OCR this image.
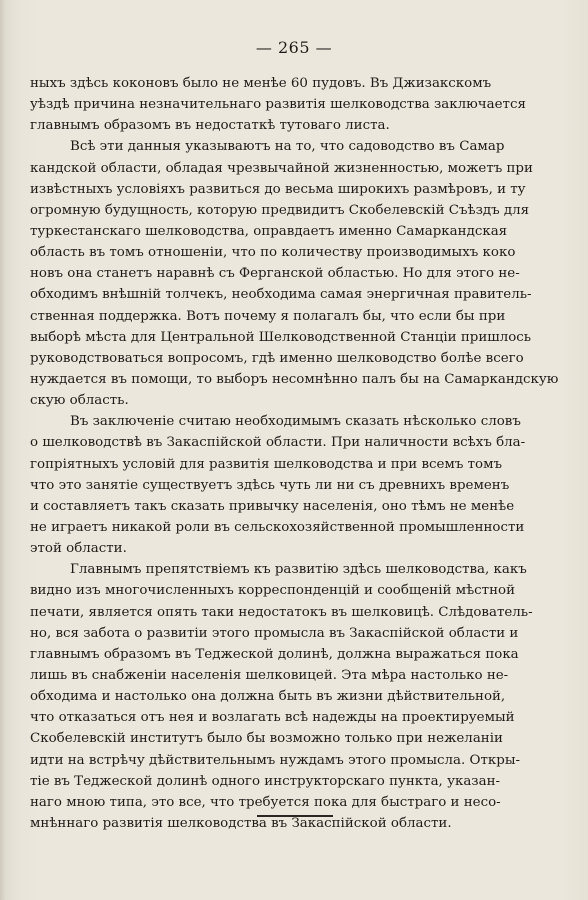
— 265 —
ныхъ здѣсь коконовъ было не менѣе 60 пудовъ. Въ Джизакскомъ
уѣздѣ причина незначительнаго развитія шелководства заключается
главнымъ образомъ въ недостаткѣ тутоваго листа.
Всѣ эти данныя указываютъ на то, что садоводство въ Самар
кандской области, обладая чрезвычайной жизненностью, можетъ при
извѣстныхъ условіяхъ развиться до весьма широкихъ размѣровъ, и ту
огромную будущность, которую предвидитъ Скобелевскій Съѣздъ для
туркестанскаго шелководства, оправдаетъ именно Самаркандская
область въ томъ отношеніи, что по количеству производимыхъ коко
новъ она станетъ наравнѣ съ Ферганской областью. Но для этого не-
обходимъ внѣшній толчекъ, необходима самая энергичная правитель-
ственная поддержка. Вотъ почему я полагалъ бы, что если бы при
выборѣ мѣста для Центральной Шелководственной Станціи пришлось
руководствоваться вопросомъ, гдѣ именно шелководство болѣе всего
нуждается въ помощи, то выборъ несомнѣнно палъ бы на Самаркандскую
скую область.
Въ заключеніе считаю необходимымъ сказать нѣсколько словъ
о шелководствѣ въ Закаспійской области. При наличности всѣхъ бла-
гопріятныхъ условій для развитія шелководства и при всемъ томъ
что это занятіе существуетъ здѣсь чуть ли ни съ древнихъ временъ
и составляетъ такъ сказать привычку населенія, оно тѣмъ не менѣе
не играетъ никакой роли въ сельскохозяйственной промышленности
этой области.
Главнымъ препятствіемъ къ развитію здѣсь шелководства, какъ
видно изъ многочисленныхъ корреспонденцій и сообщеній мѣстной
печати, является опять таки недостатокъ въ шелковицѣ. Слѣдователь-
но, вся забота о развитіи этого промысла въ Закаспійской области и
главнымъ образомъ въ Теджеской долинѣ, должна выражаться пока
лишь въ снабженіи населенія шелковицей. Эта мѣра настолько не-
обходима и настолько она должна быть въ жизни дѣйствительной,
что отказаться отъ нея и возлагать всѣ надежды на проектируемый
Скобелевскій институтъ было бы возможно только при нежеланіи
идти на встрѣчу дѣйствительнымъ нуждамъ этого промысла. Откры-
тіе въ Теджеской долинѣ одного инструкторскаго пункта, указан-
наго мною типа, это все, что требуется пока для быстраго и несо-
мнѣннаго развитія шелководства въ Закаспійской области.
